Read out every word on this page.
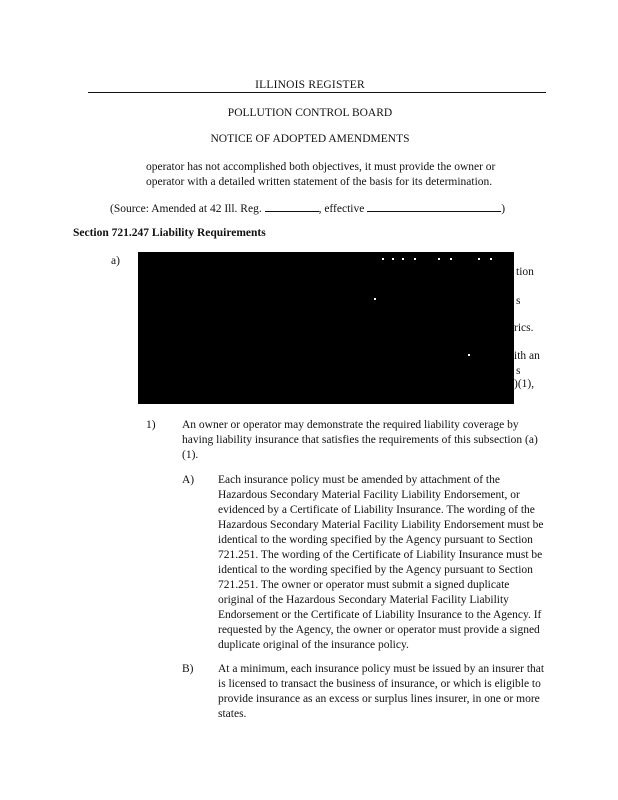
ILLINOIS REGISTER
POLLUTION CONTROL BOARD
NOTICE OF ADOPTED AMENDMENTS
operator has not accomplished both objectives, it must provide the owner or operator with a detailed written statement of the basis for its determination.
(Source: Amended at 42 Ill. Reg.	, effective	)
Section 721.247 Liability Requirements
a)
tion
s
rics.
ith an
s
)(1),
1) An owner or operator may demonstrate the required liability coverage by having liability insurance that satisfies the requirements of this subsection (a)(1).
A) Each insurance policy must be amended by attachment of the Hazardous Secondary Material Facility Liability Endorsement, or evidenced by a Certificate of Liability Insurance. The wording of the Hazardous Secondary Material Facility Liability Endorsement must be identical to the wording specified by the Agency pursuant to Section 721.251. The wording of the Certificate of Liability Insurance must be identical to the wording specified by the Agency pursuant to Section 721.251. The owner or operator must submit a signed duplicate original of the Hazardous Secondary Material Facility Liability Endorsement or the Certificate of Liability Insurance to the Agency. If requested by the Agency, the owner or operator must provide a signed duplicate original of the insurance policy.
B) At a minimum, each insurance policy must be issued by an insurer that is licensed to transact the business of insurance, or which is eligible to provide insurance as an excess or surplus lines insurer, in one or more states.
